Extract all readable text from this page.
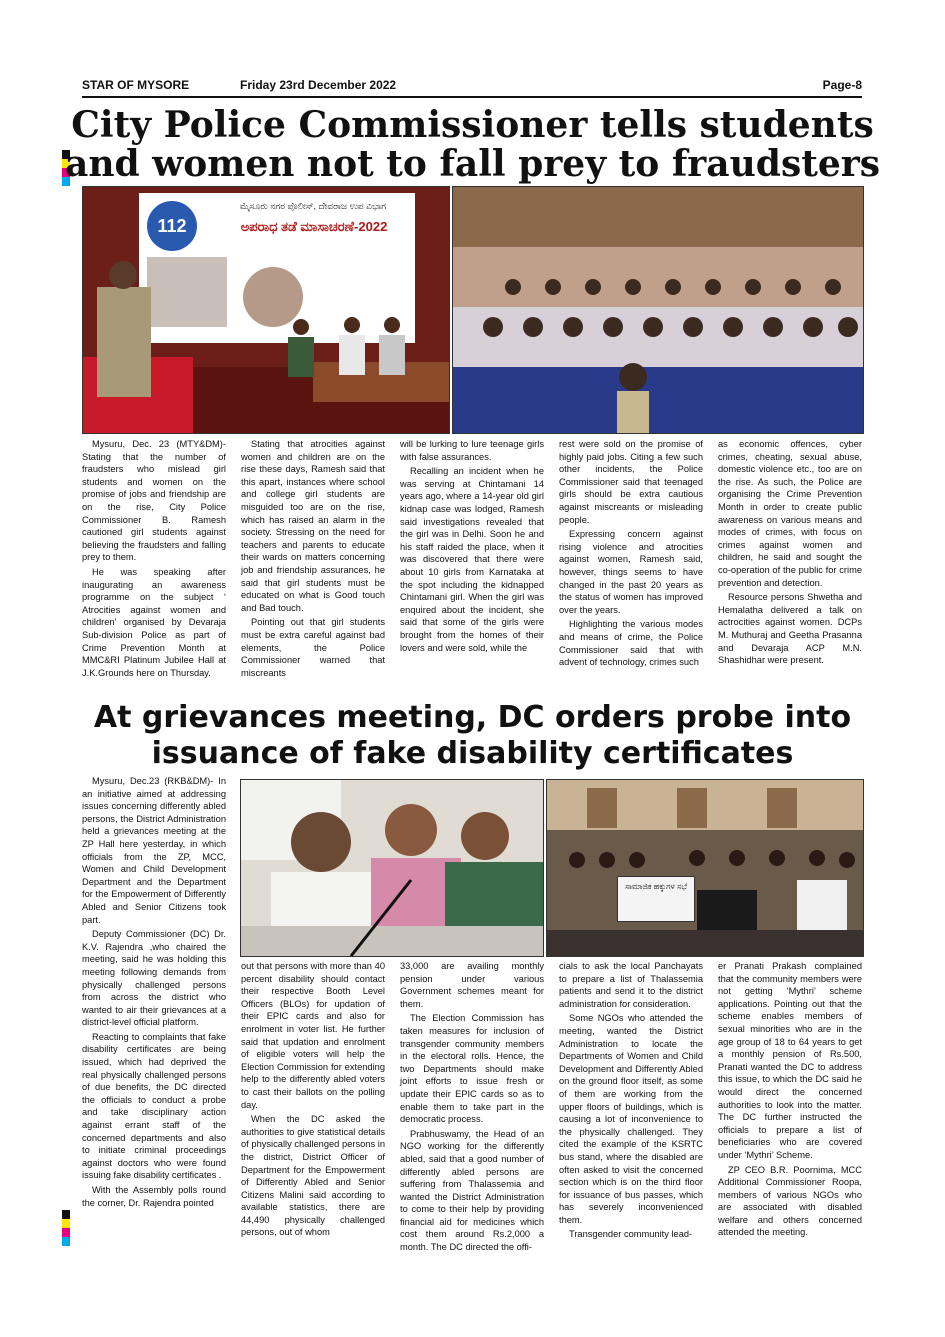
STAR OF MYSORE	Friday 23rd December 2022	Page-8
City Police Commissioner tells students
and women not to fall prey to fraudsters
112
ಮೈಸೂರು ನಗರ ಪೊಲೀಸ್, ದೇವರಾಜ ಉಪ ವಿಭಾಗ
ಅಪರಾಧ ತಡೆ ಮಾಸಾಚರಣೆ-2022

Mysuru, Dec. 23 (MTY&DM)- Stating that the number of fraudsters who mislead girl students and women on the promise of jobs and friendship are on the rise, City Police Commissioner B. Ramesh cautioned girl students against believing the fraudsters and falling prey to them.

He was speaking after inaugurating an awareness programme on the subject ‘ Atrocities against women and children’ organised by Devaraja Sub-division Police as part of Crime Prevention Month at MMC&RI Platinum Jubilee Hall at J.K.Grounds here on Thursday.

Stating that atrocities against women and children are on the rise these days, Ramesh said that this apart, instances where school and college girl students are misguided too are on the rise, which has raised an alarm in the society. Stressing on the need for teachers and parents to educate their wards on matters concerning job and friendship assurances, he said that girl students must be educated on what is Good touch and Bad touch.

Pointing out that girl students must be extra careful against bad elements, the Police Commissioner warned that miscreants

will be lurking to lure teenage girls with false assurances.

Recalling an incident when he was serving at Chintamani 14 years ago, where a 14-year old girl kidnap case was lodged, Ramesh said investigations revealed that the girl was in Delhi. Soon he and his staff raided the place, when it was discovered that there were about 10 girls from Karnataka at the spot including the kidnapped Chintamani girl. When the girl was enquired about the incident, she said that some of the girls were brought from the homes of their lovers and were sold, while the

rest were sold on the promise of highly paid jobs. Citing a few such other incidents, the Police Commissioner said that teenaged girls should be extra cautious against miscreants or misleading people.

Expressing concern against rising violence and atrocities against women, Ramesh said, however, things seems to have changed in the past 20 years as the status of women has improved over the years.

Highlighting the various modes and means of crime, the Police Commissioner said that with advent of technology, crimes such

as economic offences, cyber crimes, cheating, sexual abuse, domestic violence etc., too are on the rise. As such, the Police are organising the Crime Prevention Month in order to create public awareness on various means and modes of crimes, with focus on crimes against women and children, he said and sought the co-operation of the public for crime prevention and detection.

Resource persons Shwetha and Hemalatha delivered a talk on actrocities against women. DCPs M. Muthuraj and Geetha Prasanna and Devaraja ACP M.N. Shashidhar were present.

At grievances meeting, DC orders probe into
issuance of fake disability certificates
ಸಾಮಾಜಿಕ ಹಕ್ಕುಗಳ ಸಭೆ

Mysuru, Dec.23 (RKB&DM)- In an initiative aimed at addressing issues concerning differently abled persons, the District Administration held a grievances meeting at the ZP Hall here yesterday, in which officials from the ZP, MCC, Women and Child Development Department and the Department for the Empowerment of Differently Abled and Senior Citizens took part.

Deputy Commissioner (DC) Dr. K.V. Rajendra ,who chaired the meeting, said he was holding this meeting following demands from physically challenged persons from across the district who wanted to air their grievances at a district-level official platform.

Reacting to complaints that fake disability certificates are being issued, which had deprived the real physically challenged persons of due benefits, the DC directed the officials to conduct a probe and take disciplinary action against errant staff of the concerned departments and also to initiate criminal proceedings against doctors who were found issuing fake disability certificates .

With the Assembly polls round the corner, Dr. Rajendra pointed

out that persons with more than 40 percent disability should contact their respective Booth Level Officers (BLOs) for updation of their EPIC cards and also for enrolment in voter list. He further said that updation and enrolment of eligible voters will help the Election Commission for extending help to the differently abled voters to cast their ballots on the polling day.

When the DC asked the authorities to give statistical details of physically challenged persons in the district, District Officer of Department for the Empowerment of Differently Abled and Senior Citizens Malini said according to available statistics, there are 44,490 physically challenged persons, out of whom

33,000 are availing monthly pension under various Government schemes meant for them.

The Election Commission has taken measures for inclusion of transgender community members in the electoral rolls. Hence, the two Departments should make joint efforts to issue fresh or update their EPIC cards so as to enable them to take part in the democratic process.

Prabhuswamy, the Head of an NGO working for the differently abled, said that a good number of differently abled persons are suffering from Thalassemia and wanted the District Administration to come to their help by providing financial aid for medicines which cost them around Rs.2,000 a month. The DC directed the offi-

cials to ask the local Panchayats to prepare a list of Thalassemia patients and send it to the district administration for consideration.

Some NGOs who attended the meeting, wanted the District Administration to locate the Departments of Women and Child Development and Differently Abled on the ground floor itself, as some of them are working from the upper floors of buildings, which is causing a lot of inconvenience to the physically challenged. They cited the example of the KSRTC bus stand, where the disabled are often asked to visit the concerned section which is on the third floor for issuance of bus passes, which has severely inconvenienced them.

Transgender community lead-

er Pranati Prakash complained that the community members were not getting ‘Mythri’ scheme applications. Pointing out that the scheme enables members of sexual minorities who are in the age group of 18 to 64 years to get a monthly pension of Rs.500, Pranati wanted the DC to address this issue, to which the DC said he would direct the concerned authorities to look into the matter. The DC further instructed the officials to prepare a list of beneficiaries who are covered under ‘Mythri’ Scheme.

ZP CEO B.R. Poornima, MCC Additional Commissioner Roopa, members of various NGOs who are associated with disabled welfare and others concerned attended the meeting.
